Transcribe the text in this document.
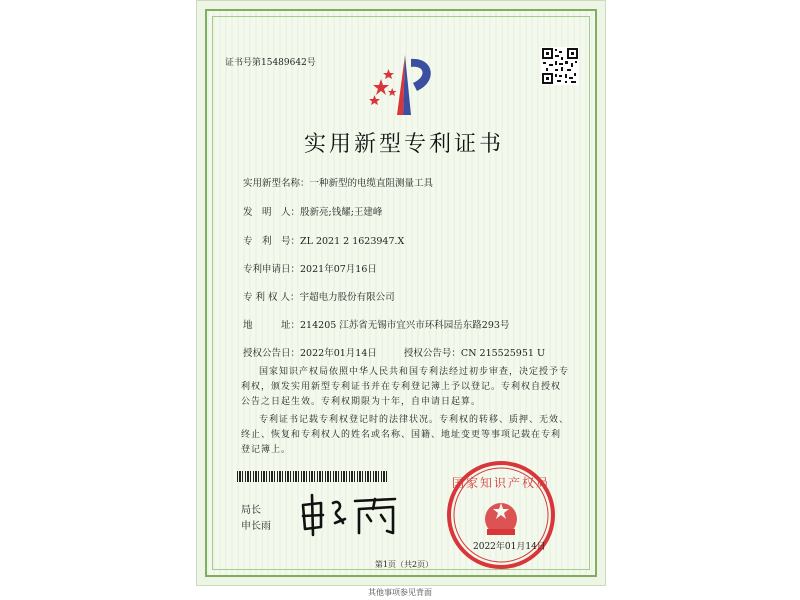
证书号第15489642号
实用新型专利证书
实用新型名称：一种新型的电缆直阻测量工具
发　明　人：殷新亮;钱耀;王建峰
专　利　号：ZL 2021 2 1623947.X
专利申请日：2021年07月16日
专 利 权 人：宇超电力股份有限公司
地　　　址：214205 江苏省无锡市宜兴市环科园岳东路293号
授权公告日：2022年01月14日	授权公告号：CN 215525951 U
国家知识产权局依照中华人民共和国专利法经过初步审查，决定授予专利权，颁发实用新型专利证书并在专利登记簿上予以登记。专利权自授权公告之日起生效。专利权期限为十年，自申请日起算。
专利证书记载专利权登记时的法律状况。专利权的转移、质押、无效、终止、恢复和专利权人的姓名或名称、国籍、地址变更等事项记载在专利登记簿上。
局长
申长雨
国家知识产权局
2022年01月14日
第1页（共2页）
其他事项参见背面
